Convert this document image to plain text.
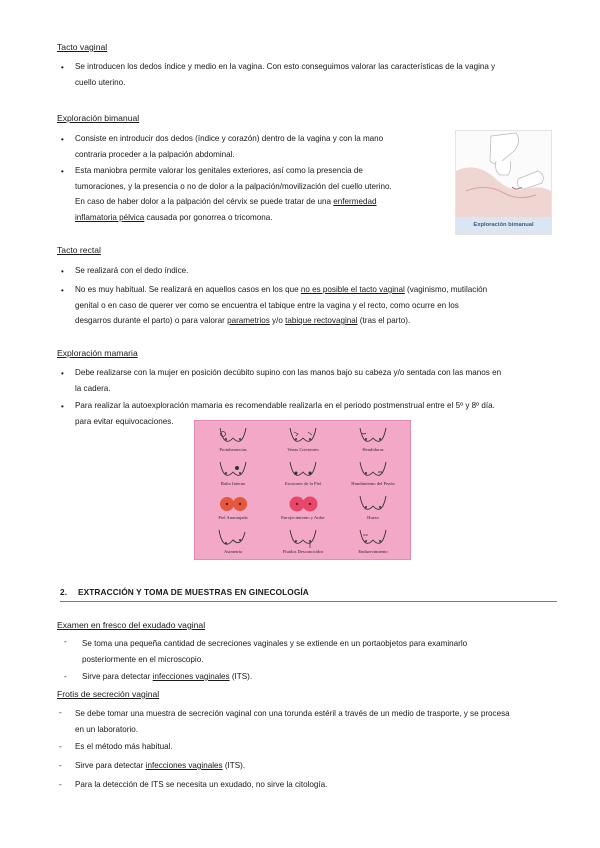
Tacto vaginal
• Se introducen los dedos índice y medio en la vagina. Con esto conseguimos valorar las características de la vagina y
cuello uterino.
Exploración bimanual
• Consiste en introducir dos dedos (índice y corazón) dentro de la vagina y con la mano
contraria proceder a la palpación abdominal.
• Esta maniobra permite valorar los genitales exteriores, así como la presencia de
tumoraciones, y la presencia o no de dolor a la palpación/movilización del cuello uterino.
En caso de haber dolor a la palpación del cérvix se puede tratar de una enfermedad
inflamatoria pélvica causada por gonorrea o tricomona.
Exploración bimanual
Tacto rectal
• Se realizará con el dedo índice.
• No es muy habitual. Se realizará en aquellos casos en los que no es posible el tacto vaginal (vaginismo, mutilación
genital o en caso de querer ver como se encuentra el tabique entre la vagina y el recto, como ocurre en los
desgarros durante el parto) o para valorar parametrios y/o tabique rectovaginal (tras el parto).
Exploración mamaria
• Debe realizarse con la mujer en posición decúbito supino con las manos bajo su cabeza y/o sentada con las manos en
la cadera.
• Para realizar la autoexploración mamaria es recomendable realizarla en el periodo postmenstrual entre el 5º y 8º día.
para evitar equivocaciones.
Protuberancias	Venas Crecientes	Hendiduras
Bulto Interno	Erosiones de la Piel	Hundimiento del Pezón
Piel Anaranjada	Enrojecimiento y Ardor	Hueso
Asimetría	Fluidos Desconocidos	Endurecimiento
2. EXTRACCIÓN Y TOMA DE MUESTRAS EN GINECOLOGÍA
Examen en fresco del exudado vaginal
- Se toma una pequeña cantidad de secreciones vaginales y se extiende en un portaobjetos para examinarlo
posteriormente en el microscopio.
- Sirve para detectar infecciones vaginales (ITS).
Frotis de secreción vaginal
- Se debe tomar una muestra de secreción vaginal con una torunda estéril a través de un medio de trasporte, y se procesa
en un laboratorio.
- Es el método más habitual.
- Sirve para detectar infecciones vaginales (ITS).
- Para la detección de ITS se necesita un exudado, no sirve la citología.
